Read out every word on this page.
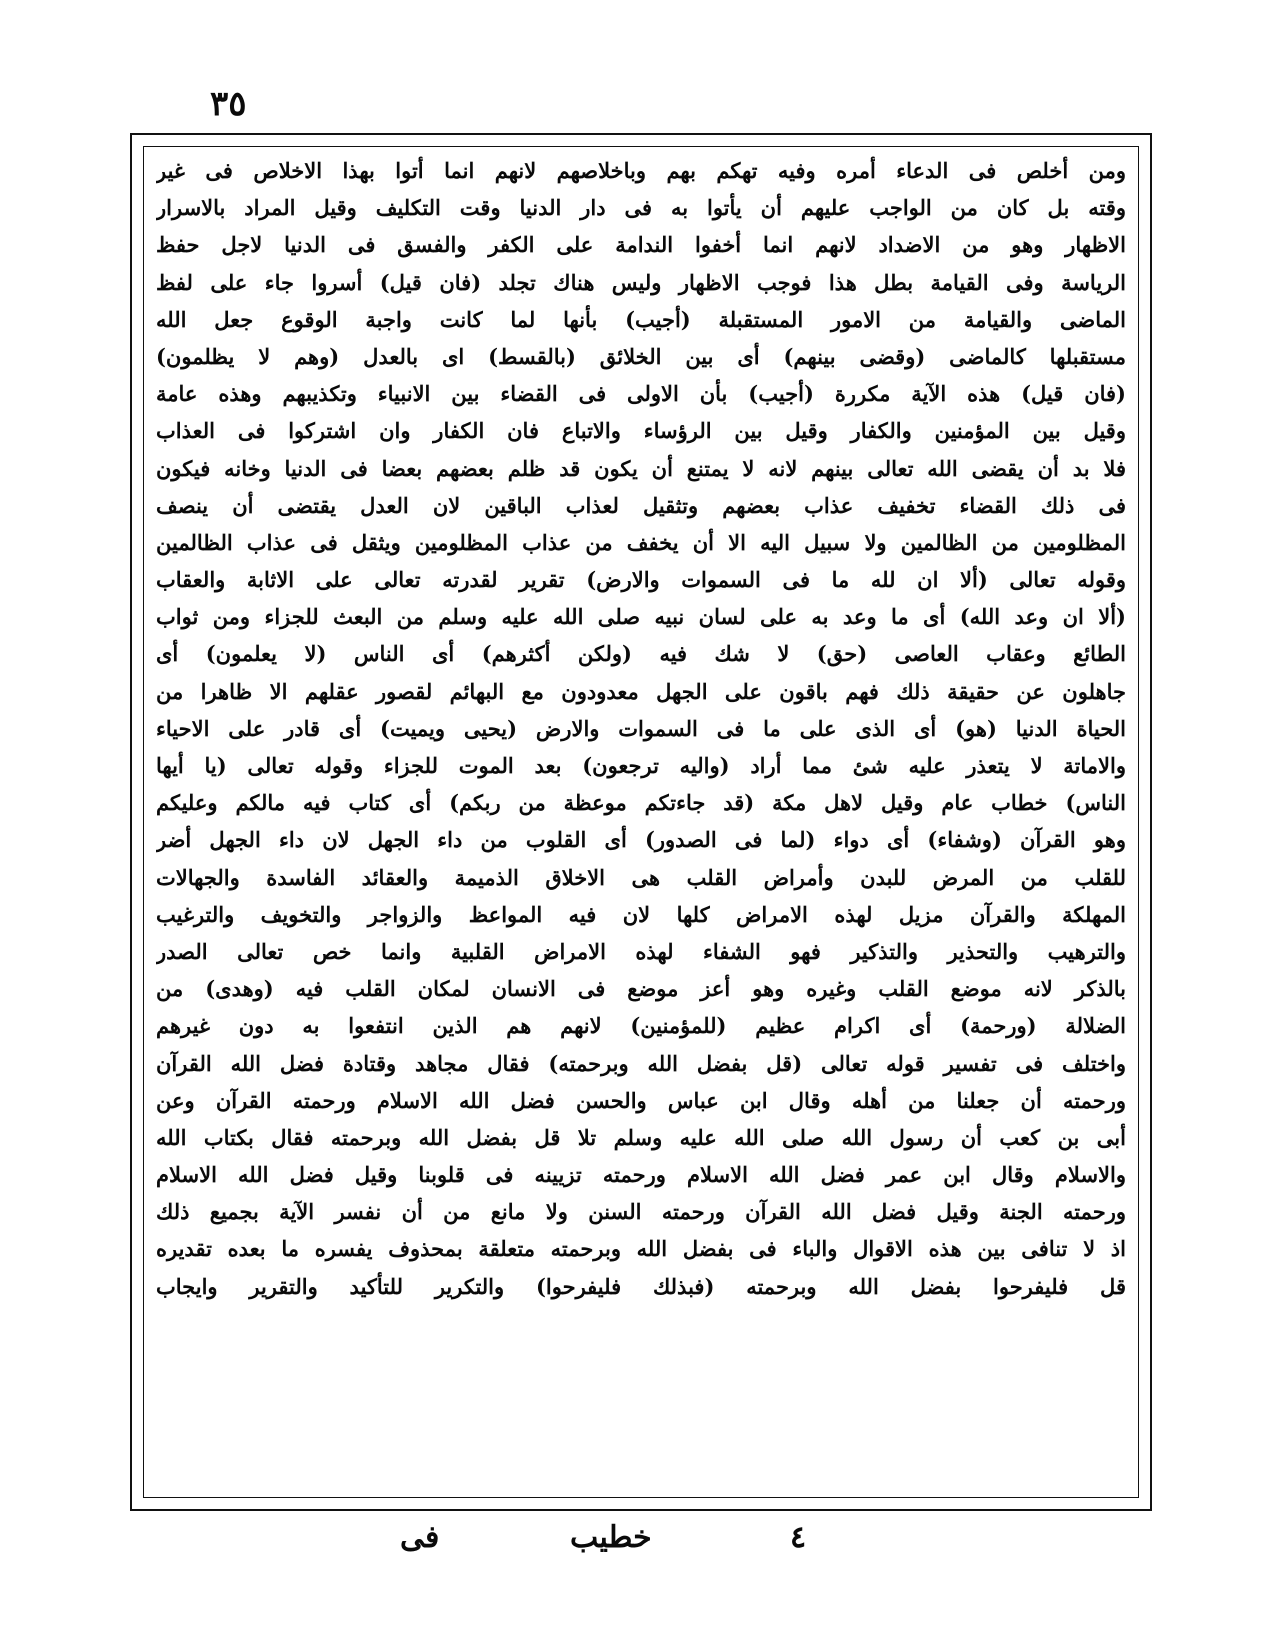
٣٥
ومن أخلص فى الدعاء أمره وفيه تهكم بهم وباخلاصهم لانهم انما أتوا بهذا الاخلاص فى غير
وقته بل كان من الواجب عليهم أن يأتوا به فى دار الدنيا وقت التكليف وقيل المراد بالاسرار
الاظهار وهو من الاضداد لانهم انما أخفوا الندامة على الكفر والفسق فى الدنيا لاجل حفظ
الرياسة وفى القيامة بطل هذا فوجب الاظهار وليس هناك تجلد (فان قيل) أسروا جاء على لفظ
الماضى والقيامة من الامور المستقبلة (أجيب) بأنها لما كانت واجبة الوقوع جعل الله
مستقبلها كالماضى (وقضى بينهم) أى بين الخلائق (بالقسط) اى بالعدل (وهم لا يظلمون)
(فان قيل) هذه الآية مكررة (أجيب) بأن الاولى فى القضاء بين الانبياء وتكذيبهم وهذه عامة
وقيل بين المؤمنين والكفار وقيل بين الرؤساء والاتباع فان الكفار وان اشتركوا فى العذاب
فلا بد أن يقضى الله تعالى بينهم لانه لا يمتنع أن يكون قد ظلم بعضهم بعضا فى الدنيا وخانه فيكون
فى ذلك القضاء تخفيف عذاب بعضهم وتثقيل لعذاب الباقين لان العدل يقتضى أن ينصف
المظلومين من الظالمين ولا سبيل اليه الا أن يخفف من عذاب المظلومين ويثقل فى عذاب الظالمين
وقوله تعالى (ألا ان لله ما فى السموات والارض) تقرير لقدرته تعالى على الاثابة والعقاب
(ألا ان وعد الله) أى ما وعد به على لسان نبيه صلى الله عليه وسلم من البعث للجزاء ومن ثواب
الطائع وعقاب العاصى (حق) لا شك فيه (ولكن أكثرهم) أى الناس (لا يعلمون) أى
جاهلون عن حقيقة ذلك فهم باقون على الجهل معدودون مع البهائم لقصور عقلهم الا ظاهرا من
الحياة الدنيا (هو) أى الذى على ما فى السموات والارض (يحيى ويميت) أى قادر على الاحياء
والاماتة لا يتعذر عليه شئ مما أراد (واليه ترجعون) بعد الموت للجزاء وقوله تعالى (يا أيها
الناس) خطاب عام وقيل لاهل مكة (قد جاءتكم موعظة من ربكم) أى كتاب فيه مالكم وعليكم
وهو القرآن (وشفاء) أى دواء (لما فى الصدور) أى القلوب من داء الجهل لان داء الجهل أضر
للقلب من المرض للبدن وأمراض القلب هى الاخلاق الذميمة والعقائد الفاسدة والجهالات
المهلكة والقرآن مزيل لهذه الامراض كلها لان فيه المواعظ والزواجر والتخويف والترغيب
والترهيب والتحذير والتذكير فهو الشفاء لهذه الامراض القلبية وانما خص تعالى الصدر
بالذكر لانه موضع القلب وغيره وهو أعز موضع فى الانسان لمكان القلب فيه (وهدى) من
الضلالة (ورحمة) أى اكرام عظيم (للمؤمنين) لانهم هم الذين انتفعوا به دون غيرهم
واختلف فى تفسير قوله تعالى (قل بفضل الله وبرحمته) فقال مجاهد وقتادة فضل الله القرآن
ورحمته أن جعلنا من أهله وقال ابن عباس والحسن فضل الله الاسلام ورحمته القرآن وعن
أبى بن كعب أن رسول الله صلى الله عليه وسلم تلا قل بفضل الله وبرحمته فقال بكتاب الله
والاسلام وقال ابن عمر فضل الله الاسلام ورحمته تزيينه فى قلوبنا وقيل فضل الله الاسلام
ورحمته الجنة وقيل فضل الله القرآن ورحمته السنن ولا مانع من أن نفسر الآية بجميع ذلك
اذ لا تنافى بين هذه الاقوال والباء فى بفضل الله وبرحمته متعلقة بمحذوف يفسره ما بعده تقديره
قل فليفرحوا بفضل الله وبرحمته (فبذلك فليفرحوا) والتكرير للتأكيد والتقرير وايجاب
٤
خطيب
فى
